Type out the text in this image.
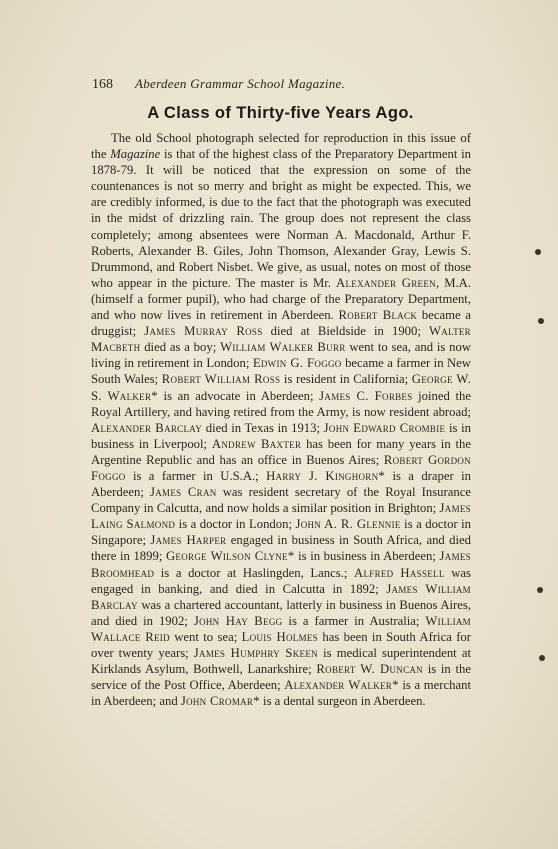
168 Aberdeen Grammar School Magazine.
A Class of Thirty-five Years Ago.

The old School photograph selected for reproduction in this issue of the Magazine is that of the highest class of the Preparatory Department in 1878-79. It will be noticed that the expression on some of the countenances is not so merry and bright as might be expected. This, we are credibly informed, is due to the fact that the photograph was executed in the midst of drizzling rain. The group does not represent the class completely; among absentees were Norman A. Macdonald, Arthur F. Roberts, Alexander B. Giles, John Thomson, Alexander Gray, Lewis S. Drummond, and Robert Nisbet. We give, as usual, notes on most of those who appear in the picture. The master is Mr. Alexander Green, M.A. (himself a former pupil), who had charge of the Preparatory Department, and who now lives in retirement in Aberdeen. Robert Black became a druggist; James Murray Ross died at Bieldside in 1900; Walter Macbeth died as a boy; William Walker Burr went to sea, and is now living in retirement in London; Edwin G. Foggo became a farmer in New South Wales; Robert William Ross is resident in California; George W. S. Walker* is an advocate in Aberdeen; James C. Forbes joined the Royal Artillery, and having retired from the Army, is now resident abroad; Alexander Barclay died in Texas in 1913; John Edward Crombie is in business in Liverpool; Andrew Baxter has been for many years in the Argentine Republic and has an office in Buenos Aires; Robert Gordon Foggo is a farmer in U.S.A.; Harry J. Kinghorn* is a draper in Aberdeen; James Cran was resident secretary of the Royal Insurance Company in Calcutta, and now holds a similar position in Brighton; James Laing Salmond is a doctor in London; John A. R. Glennie is a doctor in Singapore; James Harper engaged in business in South Africa, and died there in 1899; George Wilson Clyne* is in business in Aberdeen; James Broomhead is a doctor at Haslingden, Lancs.; Alfred Hassell was engaged in banking, and died in Calcutta in 1892; James William Barclay was a chartered accountant, latterly in business in Buenos Aires, and died in 1902; John Hay Begg is a farmer in Australia; William Wallace Reid went to sea; Louis Holmes has been in South Africa for over twenty years; James Humphry Skeen is medical superintendent at Kirklands Asylum, Bothwell, Lanarkshire; Robert W. Duncan is in the service of the Post Office, Aberdeen; Alexander Walker* is a merchant in Aberdeen; and John Cromar* is a dental surgeon in Aberdeen.
